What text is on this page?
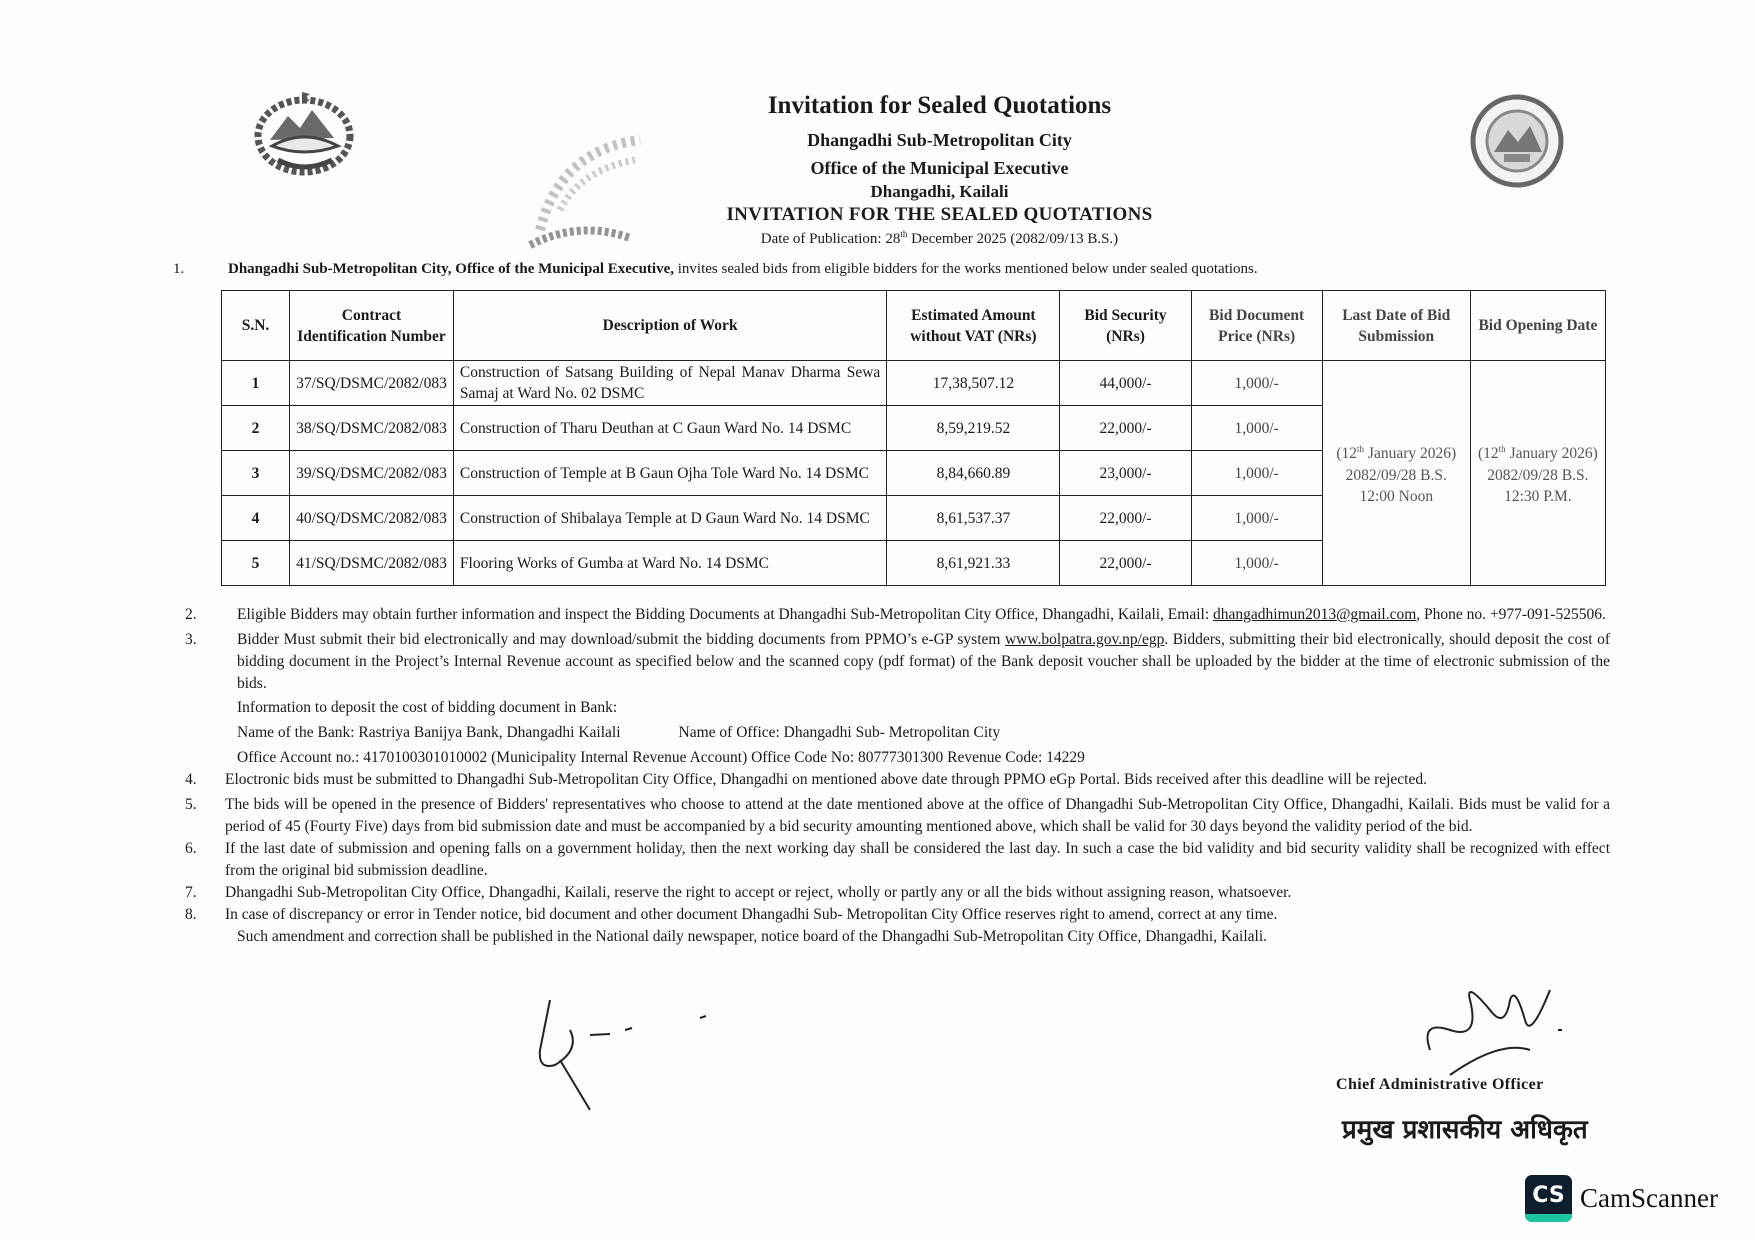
Invitation for Sealed Quotations
Dhangadhi Sub-Metropolitan City
Office of the Municipal Executive
Dhangadhi, Kailali
INVITATION FOR THE SEALED QUOTATIONS
Date of Publication: 28th December 2025 (2082/09/13 B.S.)
1.	Dhangadhi Sub-Metropolitan City, Office of the Municipal Executive, invites sealed bids from eligible bidders for the works mentioned below under sealed quotations.
S.N.	Contract Identification Number	Description of Work	Estimated Amount without VAT (NRs)	Bid Security (NRs)	Bid Document Price (NRs)	Last Date of Bid Submission	Bid Opening Date
1	37/SQ/DSMC/2082/083	Construction of Satsang Building of Nepal Manav Dharma Sewa Samaj at Ward No. 02 DSMC	17,38,507.12	44,000/-	1,000/-	(12th January 2026) 2082/09/28 B.S. 12:00 Noon	(12th January 2026) 2082/09/28 B.S. 12:30 P.M.
2	38/SQ/DSMC/2082/083	Construction of Tharu Deuthan at C Gaun Ward No. 14 DSMC	8,59,219.52	22,000/-	1,000/-		
3	39/SQ/DSMC/2082/083	Construction of Temple at B Gaun Ojha Tole Ward No. 14 DSMC	8,84,660.89	23,000/-	1,000/-		
4	40/SQ/DSMC/2082/083	Construction of Shibalaya Temple at D Gaun Ward No. 14 DSMC	8,61,537.37	22,000/-	1,000/-		
5	41/SQ/DSMC/2082/083	Flooring Works of Gumba at Ward No. 14 DSMC	8,61,921.33	22,000/-	1,000/-		
2.	Eligible Bidders may obtain further information and inspect the Bidding Documents at Dhangadhi Sub-Metropolitan City Office, Dhangadhi, Kailali, Email: dhangadhimun2013@gmail.com, Phone no. +977-091-525506.
3.	Bidder Must submit their bid electronically and may download/submit the bidding documents from PPMO’s e-GP system www.bolpatra.gov.np/egp. Bidders, submitting their bid electronically, should deposit the cost of bidding document in the Project’s Internal Revenue account as specified below and the scanned copy (pdf format) of the Bank deposit voucher shall be uploaded by the bidder at the time of electronic submission of the bids.
Information to deposit the cost of bidding document in Bank:
Name of the Bank: Rastriya Banijya Bank, Dhangadhi Kailali	Name of Office: Dhangadhi Sub- Metropolitan City
Office Account no.: 4170100301010002 (Municipality Internal Revenue Account) Office Code No: 80777301300 Revenue Code: 14229
4. Eloctronic bids must be submitted to Dhangadhi Sub-Metropolitan City Office, Dhangadhi on mentioned above date through PPMO eGp Portal. Bids received after this deadline will be rejected.
5. The bids will be opened in the presence of Bidders' representatives who choose to attend at the date mentioned above at the office of Dhangadhi Sub-Metropolitan City Office, Dhangadhi, Kailali. Bids must be valid for a period of 45 (Fourty Five) days from bid submission date and must be accompanied by a bid security amounting mentioned above, which shall be valid for 30 days beyond the validity period of the bid.
6. If the last date of submission and opening falls on a government holiday, then the next working day shall be considered the last day. In such a case the bid validity and bid security validity shall be recognized with effect from the original bid submission deadline.
7. Dhangadhi Sub-Metropolitan City Office, Dhangadhi, Kailali, reserve the right to accept or reject, wholly or partly any or all the bids without assigning reason, whatsoever.
8. In case of discrepancy or error in Tender notice, bid document and other document Dhangadhi Sub- Metropolitan City Office reserves right to amend, correct at any time.
Such amendment and correction shall be published in the National daily newspaper, notice board of the Dhangadhi Sub-Metropolitan City Office, Dhangadhi, Kailali.
Chief Administrative Officer
प्रमुख प्रशासकीय अधिकृत
CS CamScanner
